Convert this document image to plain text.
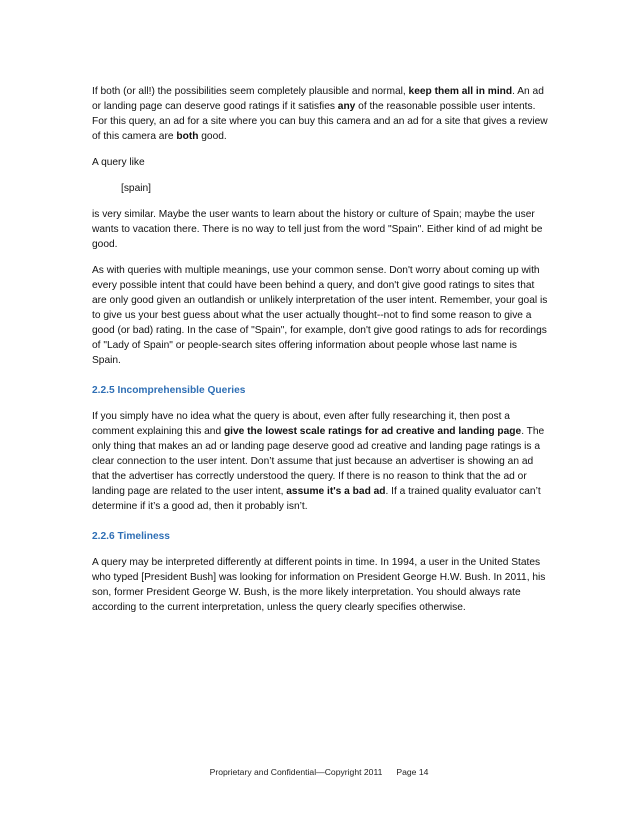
If both (or all!) the possibilities seem completely plausible and normal, keep them all in mind. An ad or landing page can deserve good ratings if it satisfies any of the reasonable possible user intents. For this query, an ad for a site where you can buy this camera and an ad for a site that gives a review of this camera are both good.

A query like

[spain]

is very similar. Maybe the user wants to learn about the history or culture of Spain; maybe the user wants to vacation there. There is no way to tell just from the word "Spain". Either kind of ad might be good.

As with queries with multiple meanings, use your common sense. Don't worry about coming up with every possible intent that could have been behind a query, and don't give good ratings to sites that are only good given an outlandish or unlikely interpretation of the user intent. Remember, your goal is to give us your best guess about what the user actually thought--not to find some reason to give a good (or bad) rating. In the case of "Spain", for example, don't give good ratings to ads for recordings of "Lady of Spain" or people-search sites offering information about people whose last name is Spain.

2.2.5 Incomprehensible Queries

If you simply have no idea what the query is about, even after fully researching it, then post a comment explaining this and give the lowest scale ratings for ad creative and landing page. The only thing that makes an ad or landing page deserve good ad creative and landing page ratings is a clear connection to the user intent. Don’t assume that just because an advertiser is showing an ad that the advertiser has correctly understood the query. If there is no reason to think that the ad or landing page are related to the user intent, assume it's a bad ad. If a trained quality evaluator can’t determine if it’s a good ad, then it probably isn’t.

2.2.6 Timeliness

A query may be interpreted differently at different points in time. In 1994, a user in the United States who typed [President Bush] was looking for information on President George H.W. Bush. In 2011, his son, former President George W. Bush, is the more likely interpretation. You should always rate according to the current interpretation, unless the query clearly specifies otherwise.

Proprietary and Confidential—Copyright 2011 Page 14
